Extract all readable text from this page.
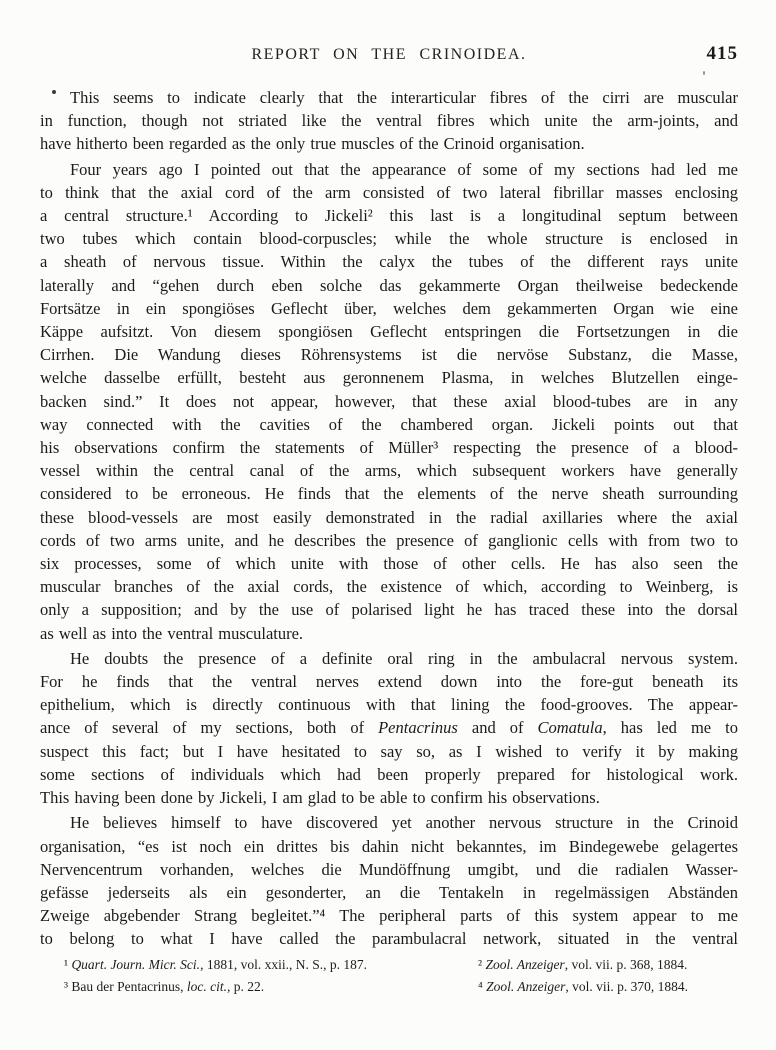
REPORT ON THE CRINOIDEA.	415
This seems to indicate clearly that the interarticular fibres of the cirri are muscular
in function, though not striated like the ventral fibres which unite the arm-joints, and
have hitherto been regarded as the only true muscles of the Crinoid organisation.
Four years ago I pointed out that the appearance of some of my sections had led me
to think that the axial cord of the arm consisted of two lateral fibrillar masses enclosing
a central structure.¹ According to Jickeli² this last is a longitudinal septum between
two tubes which contain blood-corpuscles; while the whole structure is enclosed in
a sheath of nervous tissue. Within the calyx the tubes of the different rays unite
laterally and “gehen durch eben solche das gekammerte Organ theilweise bedeckende
Fortsätze in ein spongiöses Geflecht über, welches dem gekammerten Organ wie eine
Käppe aufsitzt. Von diesem spongiösen Geflecht entspringen die Fortsetzungen in die
Cirrhen. Die Wandung dieses Röhrensystems ist die nervöse Substanz, die Masse,
welche dasselbe erfüllt, besteht aus geronnenem Plasma, in welches Blutzellen einge-
backen sind.” It does not appear, however, that these axial blood-tubes are in any
way connected with the cavities of the chambered organ. Jickeli points out that
his observations confirm the statements of Müller³ respecting the presence of a blood-
vessel within the central canal of the arms, which subsequent workers have generally
considered to be erroneous. He finds that the elements of the nerve sheath surrounding
these blood-vessels are most easily demonstrated in the radial axillaries where the axial
cords of two arms unite, and he describes the presence of ganglionic cells with from two to
six processes, some of which unite with those of other cells. He has also seen the
muscular branches of the axial cords, the existence of which, according to Weinberg, is
only a supposition; and by the use of polarised light he has traced these into the dorsal
as well as into the ventral musculature.
He doubts the presence of a definite oral ring in the ambulacral nervous system.
For he finds that the ventral nerves extend down into the fore-gut beneath its
epithelium, which is directly continuous with that lining the food-grooves. The appear-
ance of several of my sections, both of Pentacrinus and of Comatula, has led me to
suspect this fact; but I have hesitated to say so, as I wished to verify it by making
some sections of individuals which had been properly prepared for histological work.
This having been done by Jickeli, I am glad to be able to confirm his observations.
He believes himself to have discovered yet another nervous structure in the Crinoid
organisation, “es ist noch ein drittes bis dahin nicht bekanntes, im Bindegewebe gelagertes
Nervencentrum vorhanden, welches die Mundöffnung umgibt, und die radialen Wasser-
gefässe jederseits als ein gesonderter, an die Tentakeln in regelmässigen Abständen
Zweige abgebender Strang begleitet.”⁴ The peripheral parts of this system appear to me
to belong to what I have called the parambulacral network, situated in the ventral
¹ Quart. Journ. Micr. Sci., 1881, vol. xxii., N. S., p. 187.
³ Bau der Pentacrinus, loc. cit., p. 22.
² Zool. Anzeiger, vol. vii. p. 368, 1884.
⁴ Zool. Anzeiger, vol. vii. p. 370, 1884.
